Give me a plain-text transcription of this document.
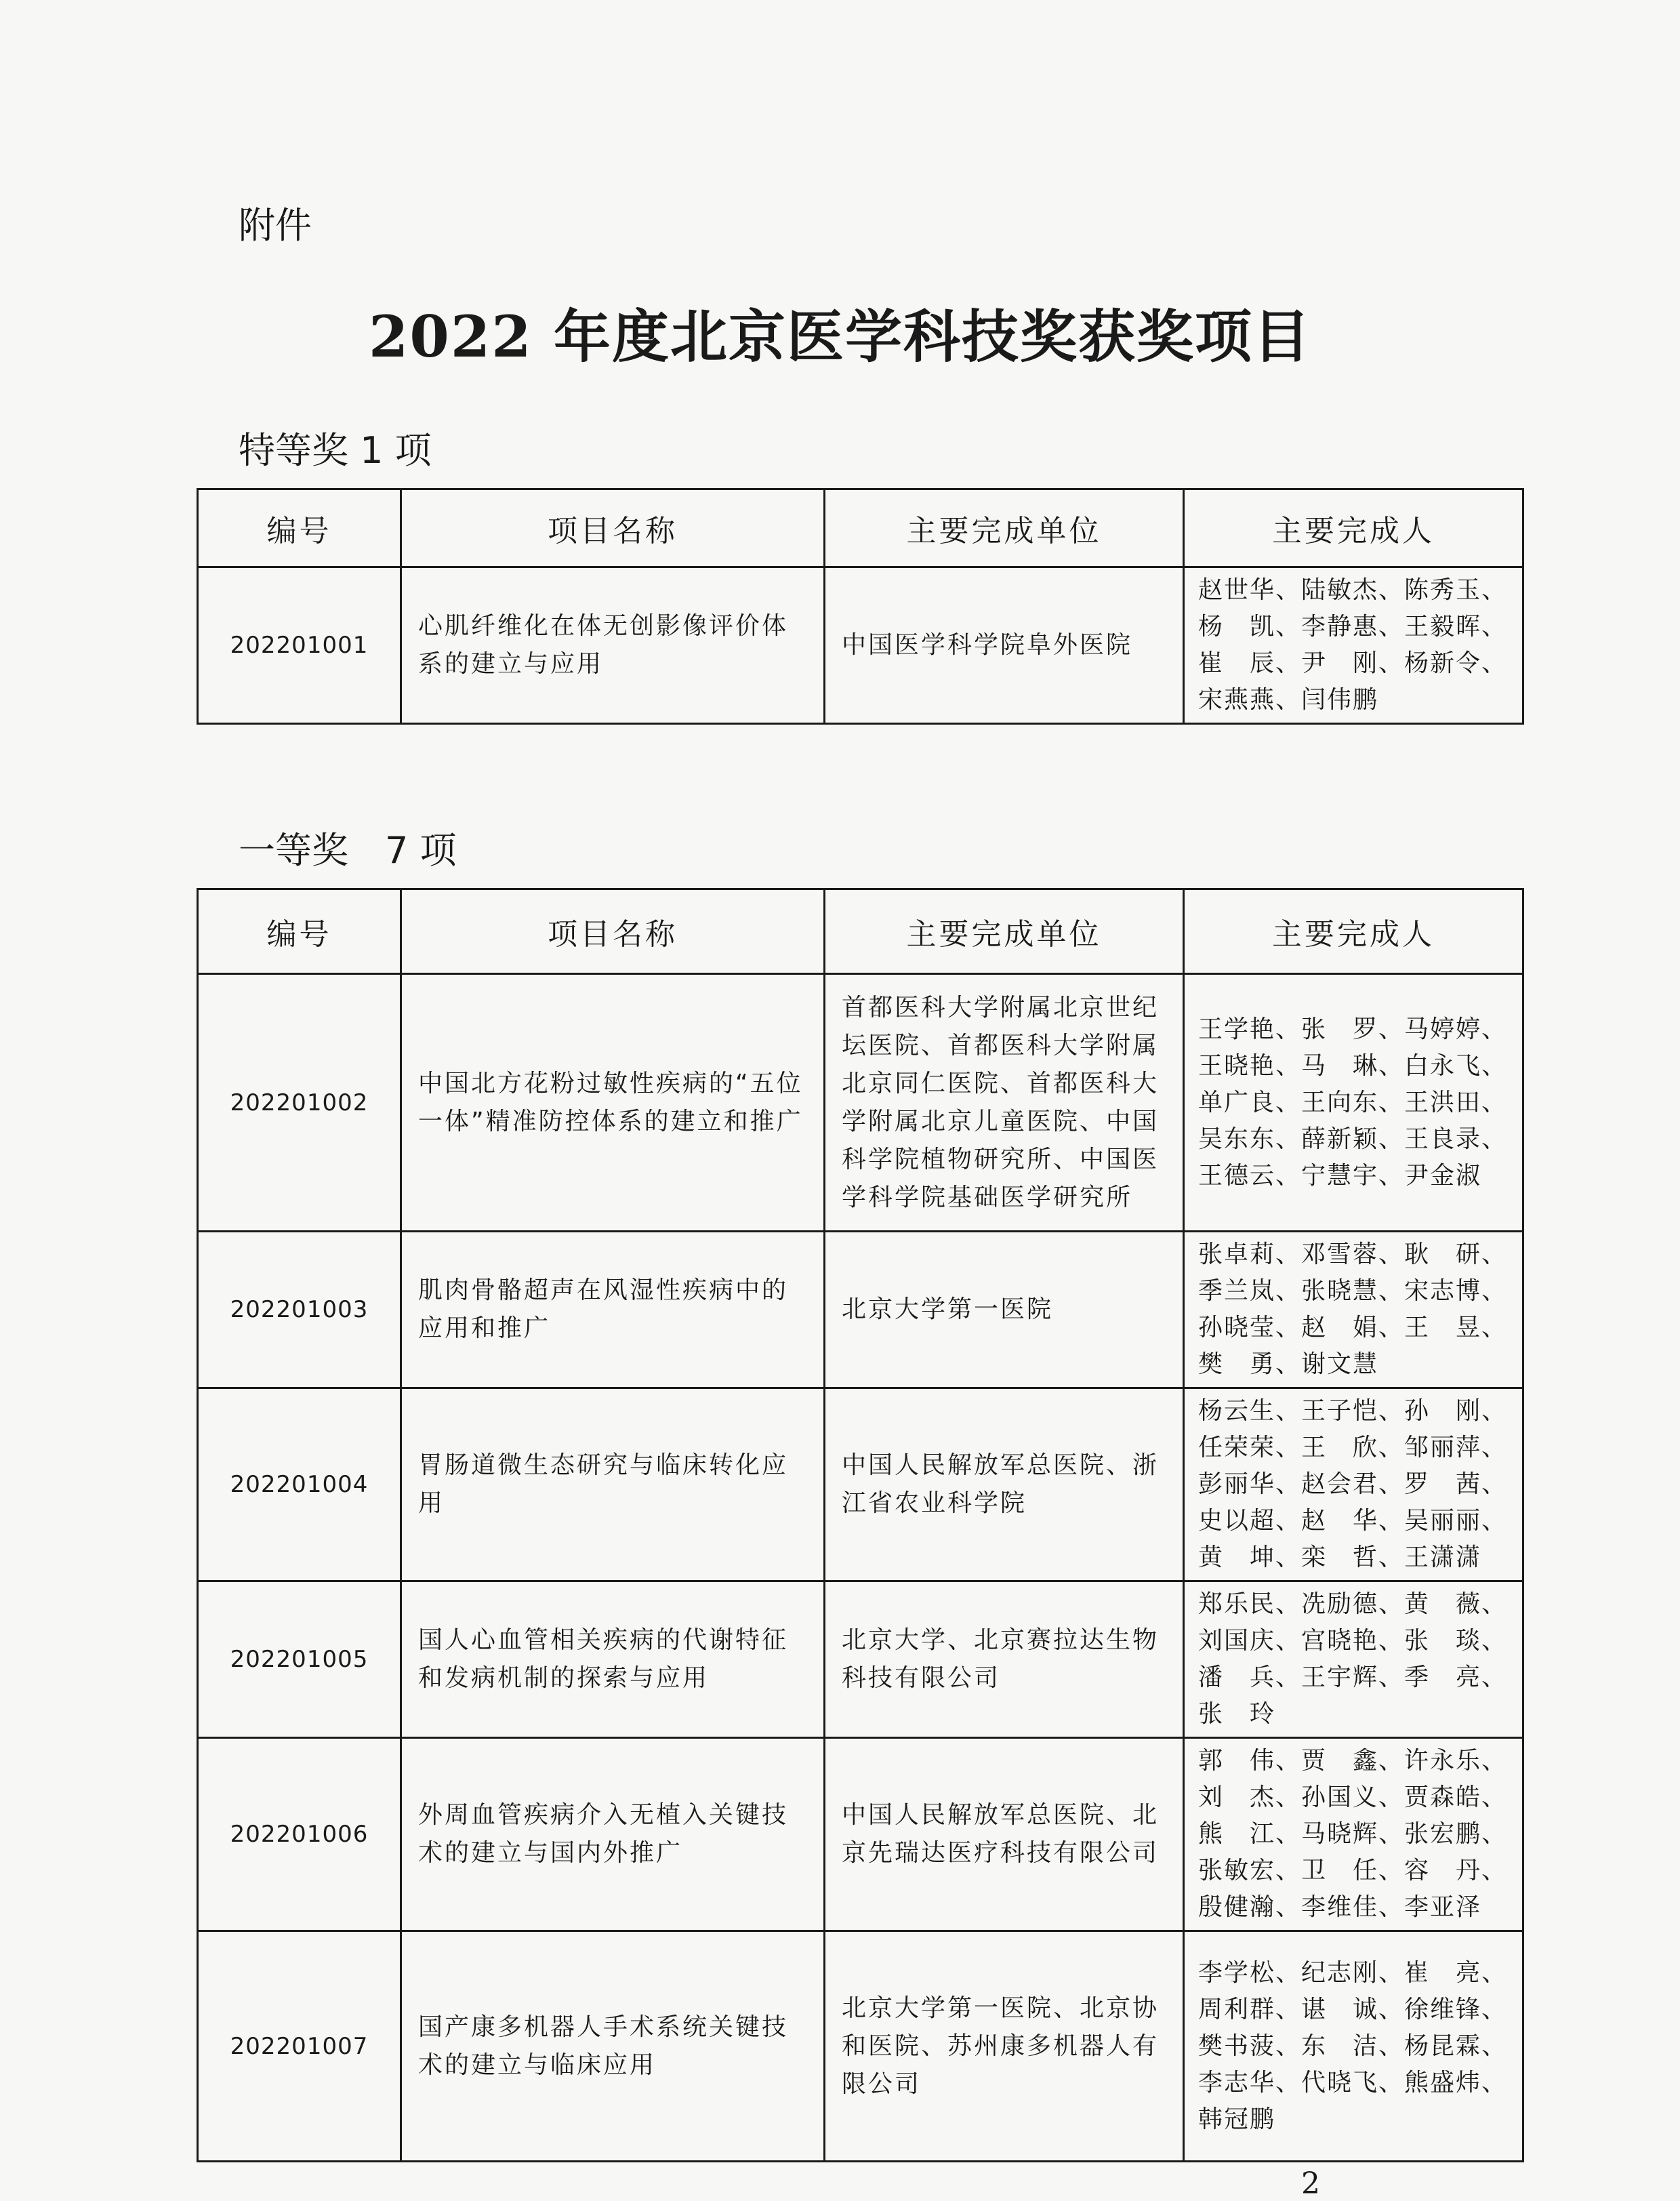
附件
2022 年度北京医学科技奖获奖项目
特等奖 1 项
编号	项目名称	主要完成单位	主要完成人
202201001	心肌纤维化在体无创影像评价体系的建立与应用	中国医学科学院阜外医院	赵世华、陆敏杰、陈秀玉、
杨　凯、李静惠、王毅晖、
崔　辰、尹　刚、杨新令、
宋燕燕、闫伟鹏
一等奖　7 项
编号	项目名称	主要完成单位	主要完成人
202201002	中国北方花粉过敏性疾病的“五位一体”精准防控体系的建立和推广	首都医科大学附属北京世纪坛医院、首都医科大学附属北京同仁医院、首都医科大学附属北京儿童医院、中国科学院植物研究所、中国医学科学院基础医学研究所	王学艳、张　罗、马婷婷、
王晓艳、马　琳、白永飞、
单广良、王向东、王洪田、
吴东东、薛新颖、王良录、
王德云、宁慧宇、尹金淑

202201003	肌肉骨骼超声在风湿性疾病中的应用和推广	北京大学第一医院	张卓莉、邓雪蓉、耿　研、
季兰岚、张晓慧、宋志博、
孙晓莹、赵　娟、王　昱、
樊　勇、谢文慧

202201004	胃肠道微生态研究与临床转化应用	中国人民解放军总医院、浙江省农业科学院	杨云生、王子恺、孙　刚、
任荣荣、王　欣、邹丽萍、
彭丽华、赵会君、罗　茜、
史以超、赵　华、吴丽丽、
黄　坤、栾　哲、王潇潇

202201005	国人心血管相关疾病的代谢特征和发病机制的探索与应用	北京大学、北京赛拉达生物科技有限公司	郑乐民、冼励德、黄　薇、
刘国庆、宫晓艳、张　琰、
潘　兵、王宇辉、季　亮、
张　玲

202201006	外周血管疾病介入无植入关键技术的建立与国内外推广	中国人民解放军总医院、北京先瑞达医疗科技有限公司	郭　伟、贾　鑫、许永乐、
刘　杰、孙国义、贾森皓、
熊　江、马晓辉、张宏鹏、
张敏宏、卫　任、容　丹、
殷健瀚、李维佳、李亚泽

202201007	国产康多机器人手术系统关键技术的建立与临床应用	北京大学第一医院、北京协和医院、苏州康多机器人有限公司	李学松、纪志刚、崔　亮、
周利群、谌　诚、徐维锋、
樊书菠、东　洁、杨昆霖、
李志华、代晓飞、熊盛炜、
韩冠鹏
2
